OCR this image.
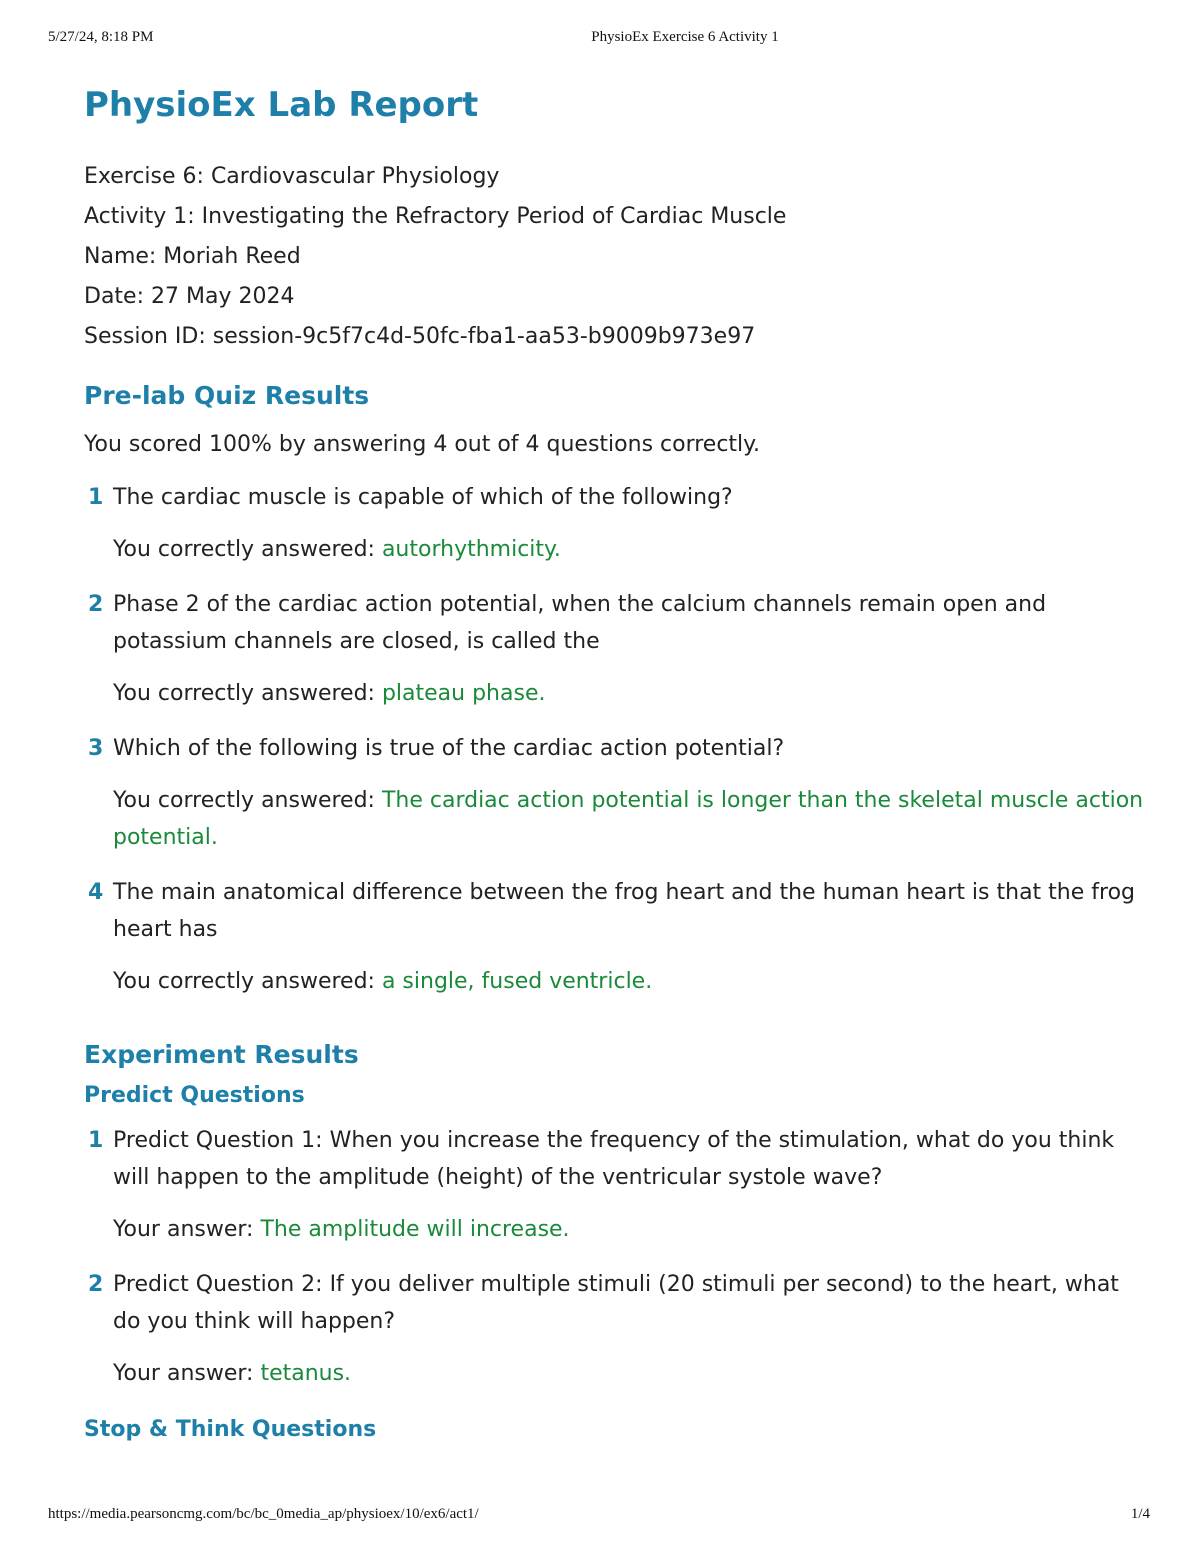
5/27/24, 8:18 PM	PhysioEx Exercise 6 Activity 1
PhysioEx Lab Report
Exercise 6: Cardiovascular Physiology
Activity 1: Investigating the Refractory Period of Cardiac Muscle
Name: Moriah Reed
Date: 27 May 2024
Session ID: session-9c5f7c4d-50fc-fba1-aa53-b9009b973e97
Pre-lab Quiz Results
You scored 100% by answering 4 out of 4 questions correctly.
1 The cardiac muscle is capable of which of the following?
You correctly answered: autorhythmicity.
2 Phase 2 of the cardiac action potential, when the calcium channels remain open and potassium channels are closed, is called the
You correctly answered: plateau phase.
3 Which of the following is true of the cardiac action potential?
You correctly answered: The cardiac action potential is longer than the skeletal muscle action potential.
4 The main anatomical difference between the frog heart and the human heart is that the frog heart has
You correctly answered: a single, fused ventricle.
Experiment Results
Predict Questions
1 Predict Question 1: When you increase the frequency of the stimulation, what do you think will happen to the amplitude (height) of the ventricular systole wave?
Your answer: The amplitude will increase.
2 Predict Question 2: If you deliver multiple stimuli (20 stimuli per second) to the heart, what do you think will happen?
Your answer: tetanus.
Stop & Think Questions
https://media.pearsoncmg.com/bc/bc_0media_ap/physioex/10/ex6/act1/	1/4
